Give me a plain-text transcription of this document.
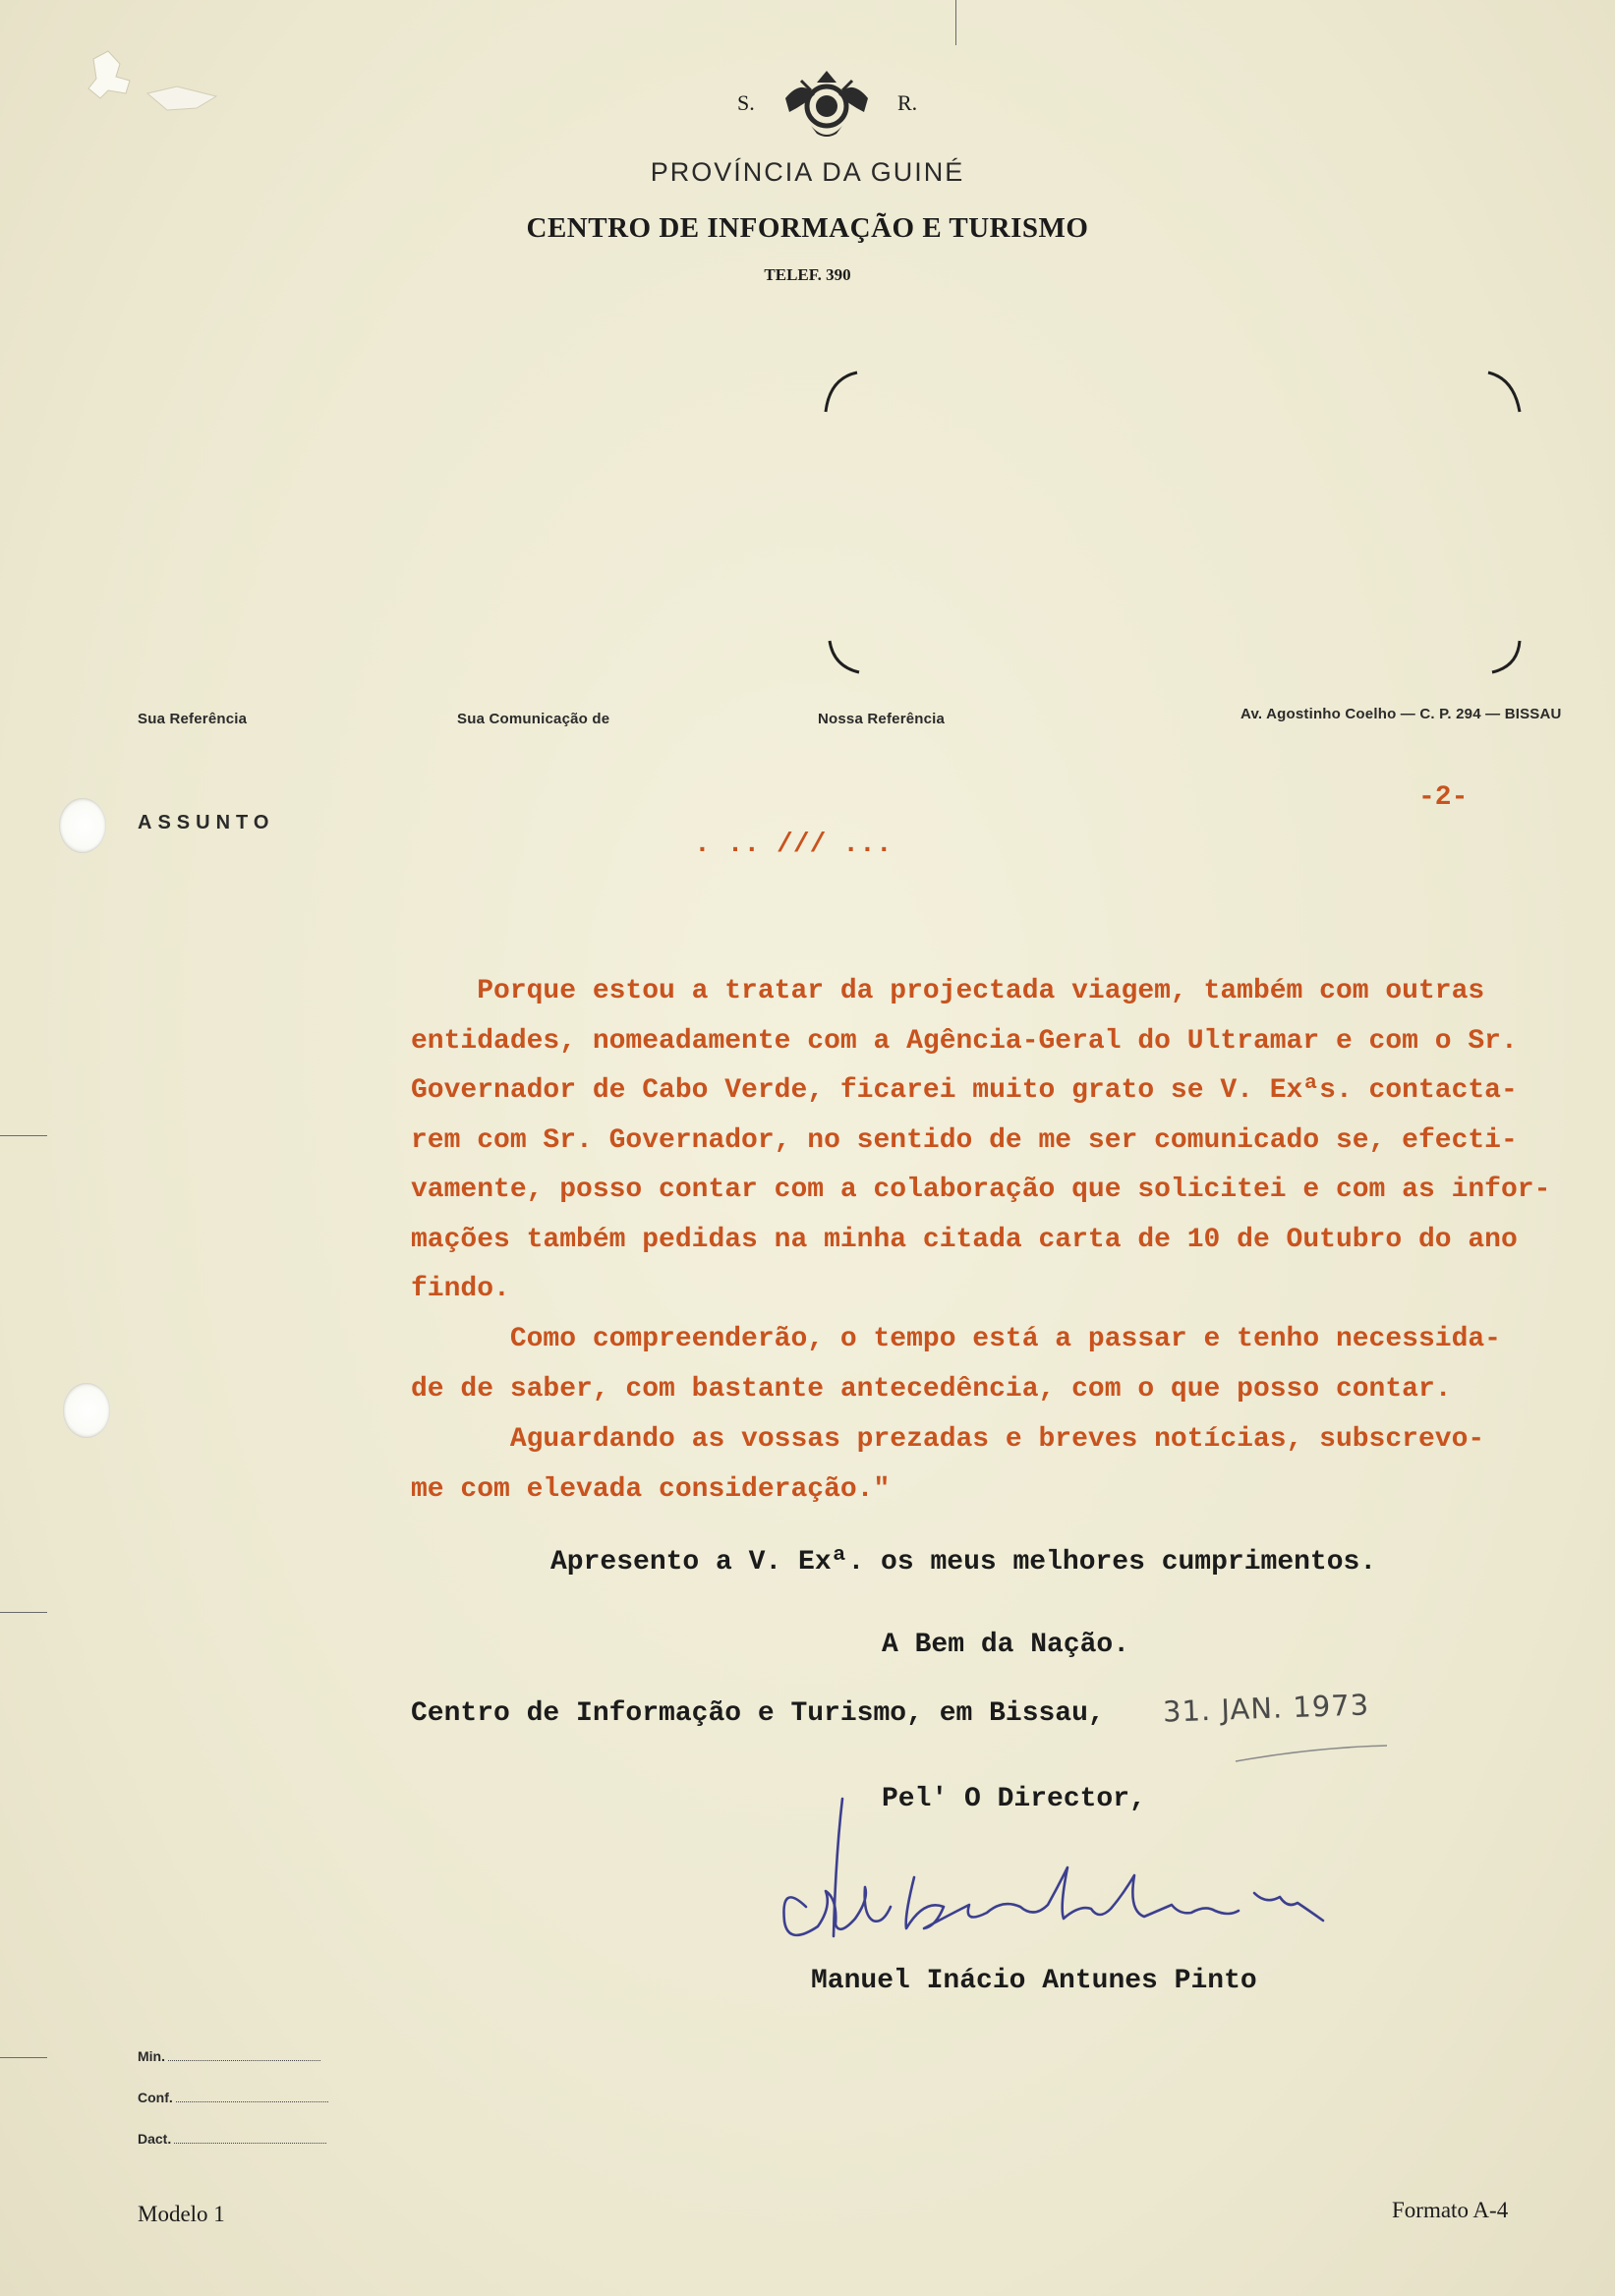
S.	R.
PROVÍNCIA DA GUINÉ
CENTRO DE INFORMAÇÃO E TURISMO
TELEF. 390
Sua Referência	Sua Comunicação de	Nossa Referência	Av. Agostinho Coelho — C. P. 294 — BISSAU
ASSUNTO
-2-
. .. /// ...
Porque estou a tratar da projectada viagem, também com outras
entidades, nomeadamente com a Agência-Geral do Ultramar e com o Sr.
Governador de Cabo Verde, ficarei muito grato se V. Exªs. contacta-
rem com Sr. Governador, no sentido de me ser comunicado se, efecti-
vamente, posso contar com a colaboração que solicitei e com as infor-
mações também pedidas na minha citada carta de 10 de Outubro do ano
findo.
Como compreenderão, o tempo está a passar e tenho necessida-
de de saber, com bastante antecedência, com o que posso contar.
Aguardando as vossas prezadas e breves notícias, subscrevo-
me com elevada consideração."
Apresento a V. Exª. os meus melhores cumprimentos.
A Bem da Nação.
Centro de Informação e Turismo, em Bissau, 31. JAN. 1973
Pel' O Director,
Manuel Inácio Antunes Pinto
Min.
Conf.
Dact.
Modelo 1	Formato A-4
